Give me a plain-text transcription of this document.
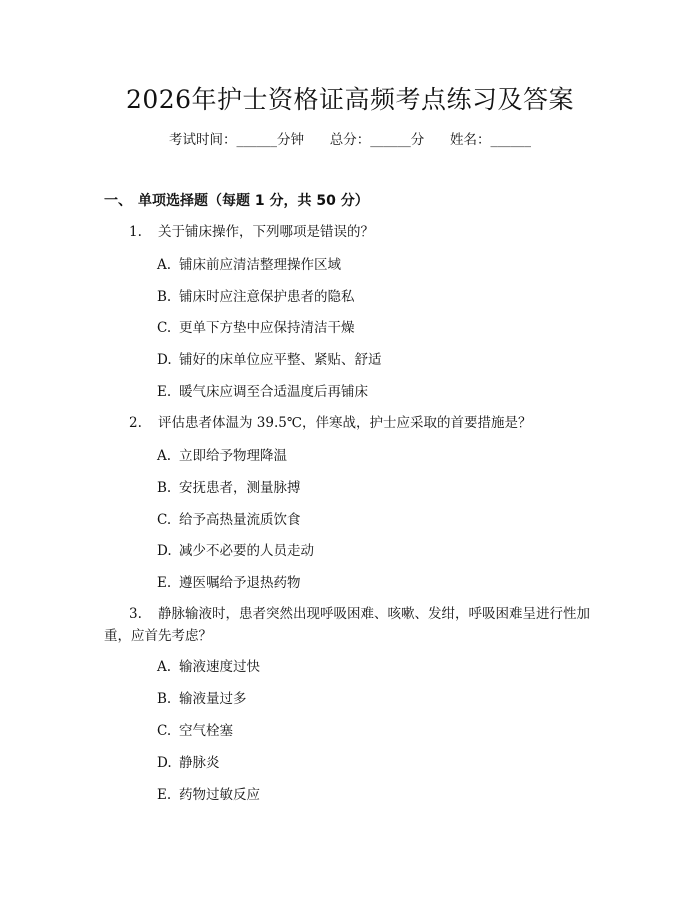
2026年护士资格证高频考点练习及答案
考试时间：______分钟      总分：______分      姓名：______
一、 单项选择题（每题 1 分，共 50 分）
1. 关于铺床操作，下列哪项是错误的？
A. 铺床前应清洁整理操作区域
B. 铺床时应注意保护患者的隐私
C. 更单下方垫中应保持清洁干燥
D. 铺好的床单位应平整、紧贴、舒适
E. 暖气床应调至合适温度后再铺床
2. 评估患者体温为 39.5℃，伴寒战，护士应采取的首要措施是？
A. 立即给予物理降温
B. 安抚患者，测量脉搏
C. 给予高热量流质饮食
D. 减少不必要的人员走动
E. 遵医嘱给予退热药物
3. 静脉输液时，患者突然出现呼吸困难、咳嗽、发绀，呼吸困难呈进行性加重，应首先考虑？
A. 输液速度过快
B. 输液量过多
C. 空气栓塞
D. 静脉炎
E. 药物过敏反应
